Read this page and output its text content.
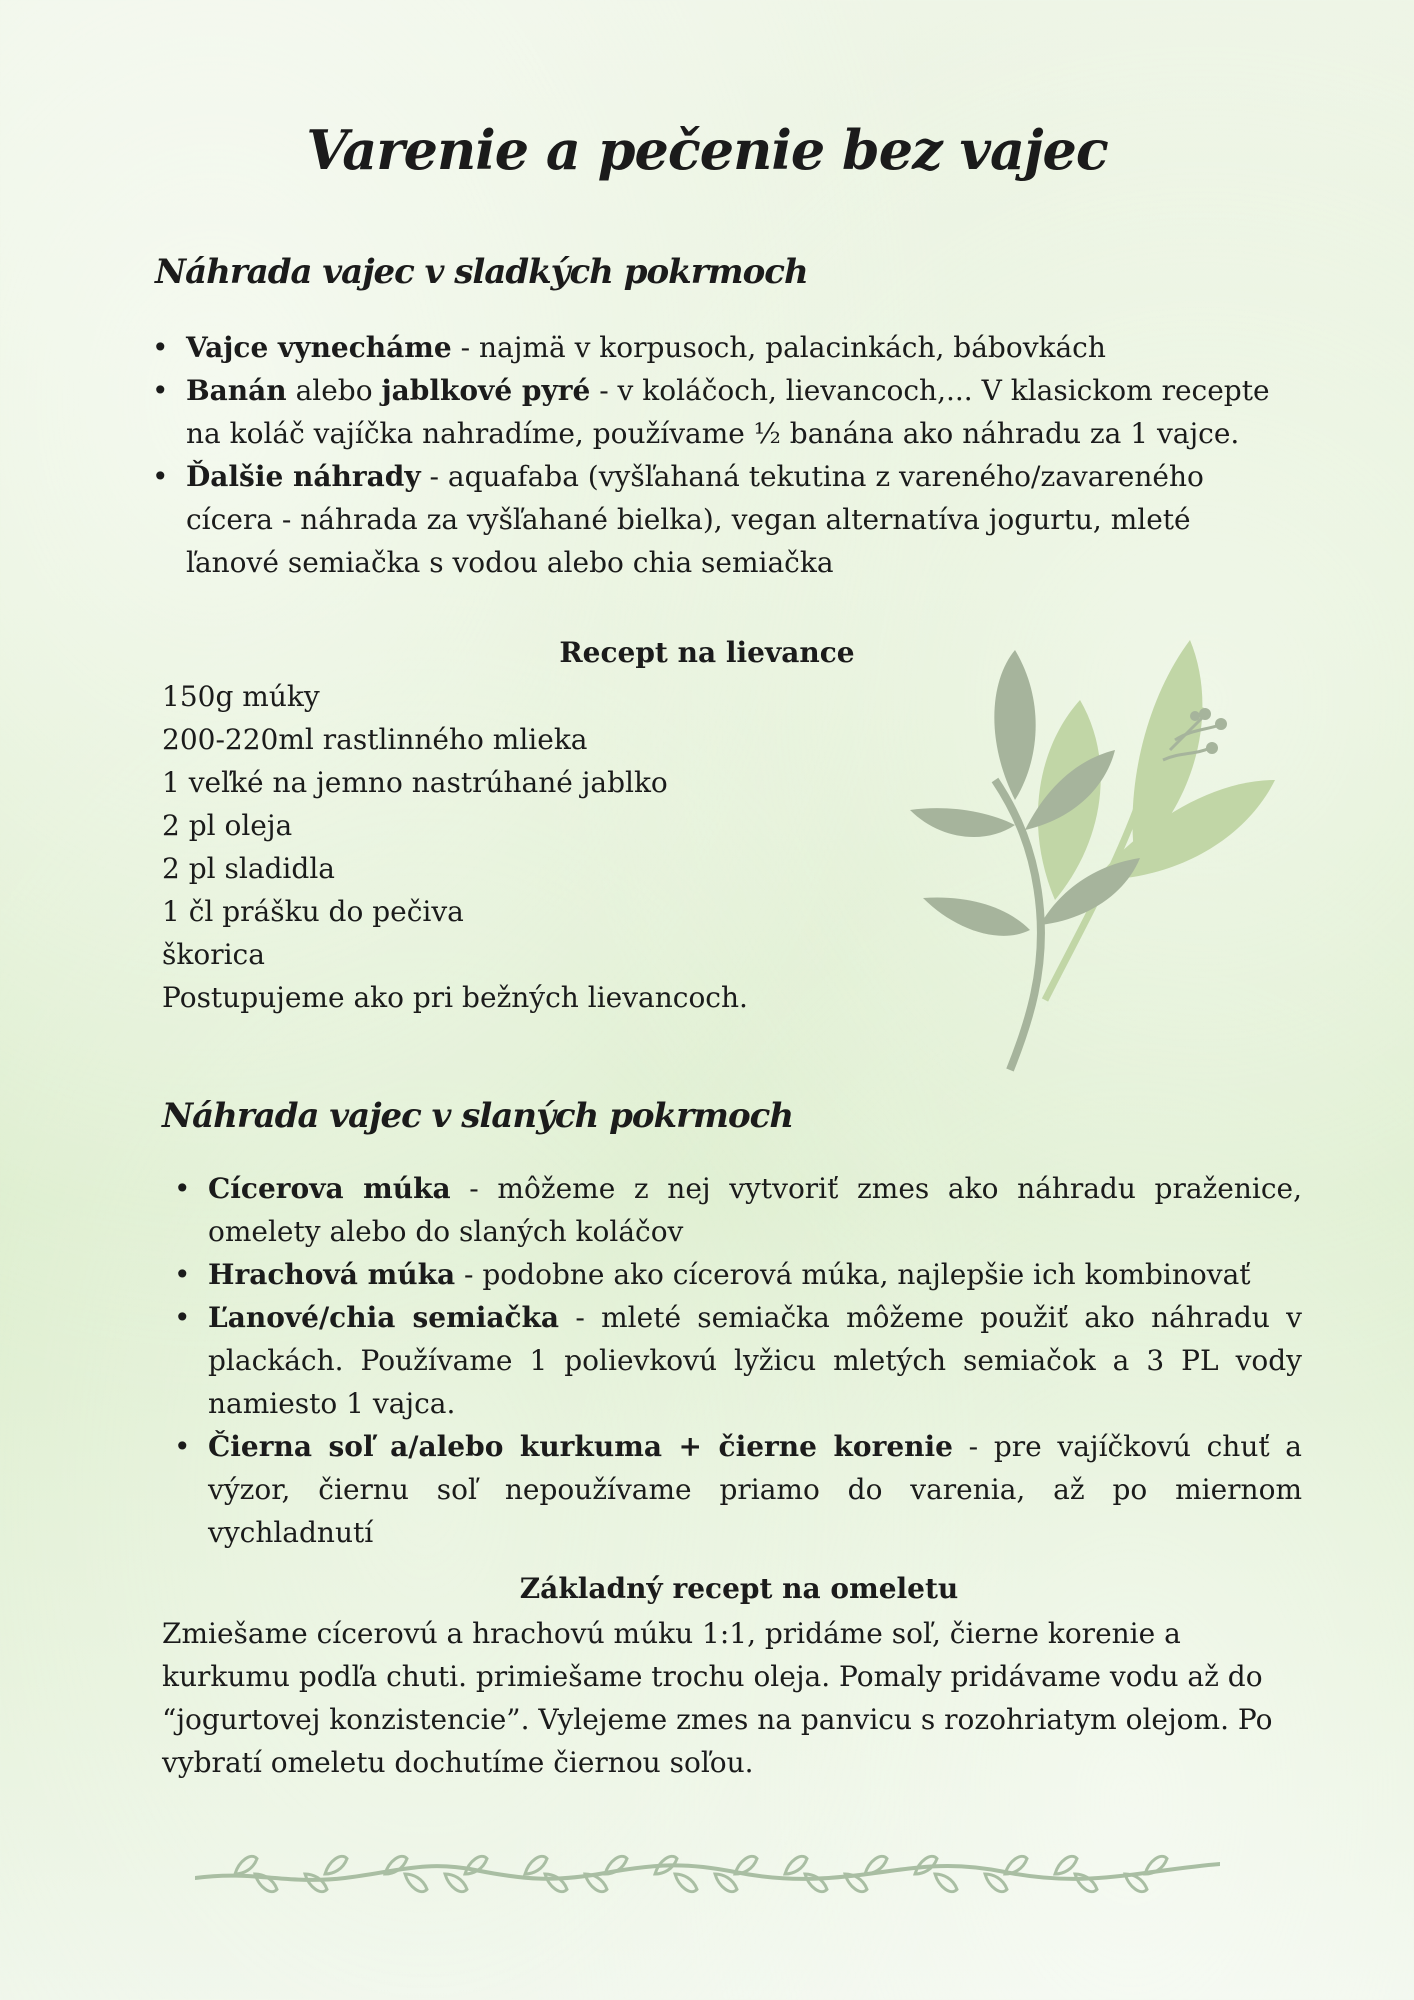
Varenie a pečenie bez vajec
Náhrada vajec v sladkých pokrmoch
• Vajce vynecháme - najmä v korpusoch, palacinkách, bábovkách
• Banán alebo jablkové pyré - v koláčoch, lievancoch,... V klasickom recepte na koláč vajíčka nahradíme, používame ½ banána ako náhradu za 1 vajce.
• Ďalšie náhrady - aquafaba (vyšľahaná tekutina z vareného/zavareného cícera - náhrada za vyšľahané bielka), vegan alternatíva jogurtu, mleté ľanové semiačka s vodou alebo chia semiačka
Recept na lievance
150g múky
200-220ml rastlinného mlieka
1 veľké na jemno nastrúhané jablko
2 pl oleja
2 pl sladidla
1 čl prášku do pečiva
škorica
Postupujeme ako pri bežných lievancoch.
Náhrada vajec v slaných pokrmoch
• Cícerova múka - môžeme z nej vytvoriť zmes ako náhradu praženice, omelety alebo do slaných koláčov
• Hrachová múka - podobne ako cícerová múka, najlepšie ich kombinovať
• Ľanové/chia semiačka - mleté semiačka môžeme použiť ako náhradu v plackách. Používame 1 polievkovú lyžicu mletých semiačok a 3 PL vody namiesto 1 vajca.
• Čierna soľ a/alebo kurkuma + čierne korenie - pre vajíčkovú chuť a výzor, čiernu soľ nepoužívame priamo do varenia, až po miernom vychladnutí
Základný recept na omeletu

Zmiešame cícerovú a hrachovú múku 1:1, pridáme soľ, čierne korenie a kurkumu podľa chuti. primiešame trochu oleja. Pomaly pridávame vodu až do “jogurtovej konzistencie”. Vylejeme zmes na panvicu s rozohriatym olejom. Po vybratí omeletu dochutíme čiernou soľou.
